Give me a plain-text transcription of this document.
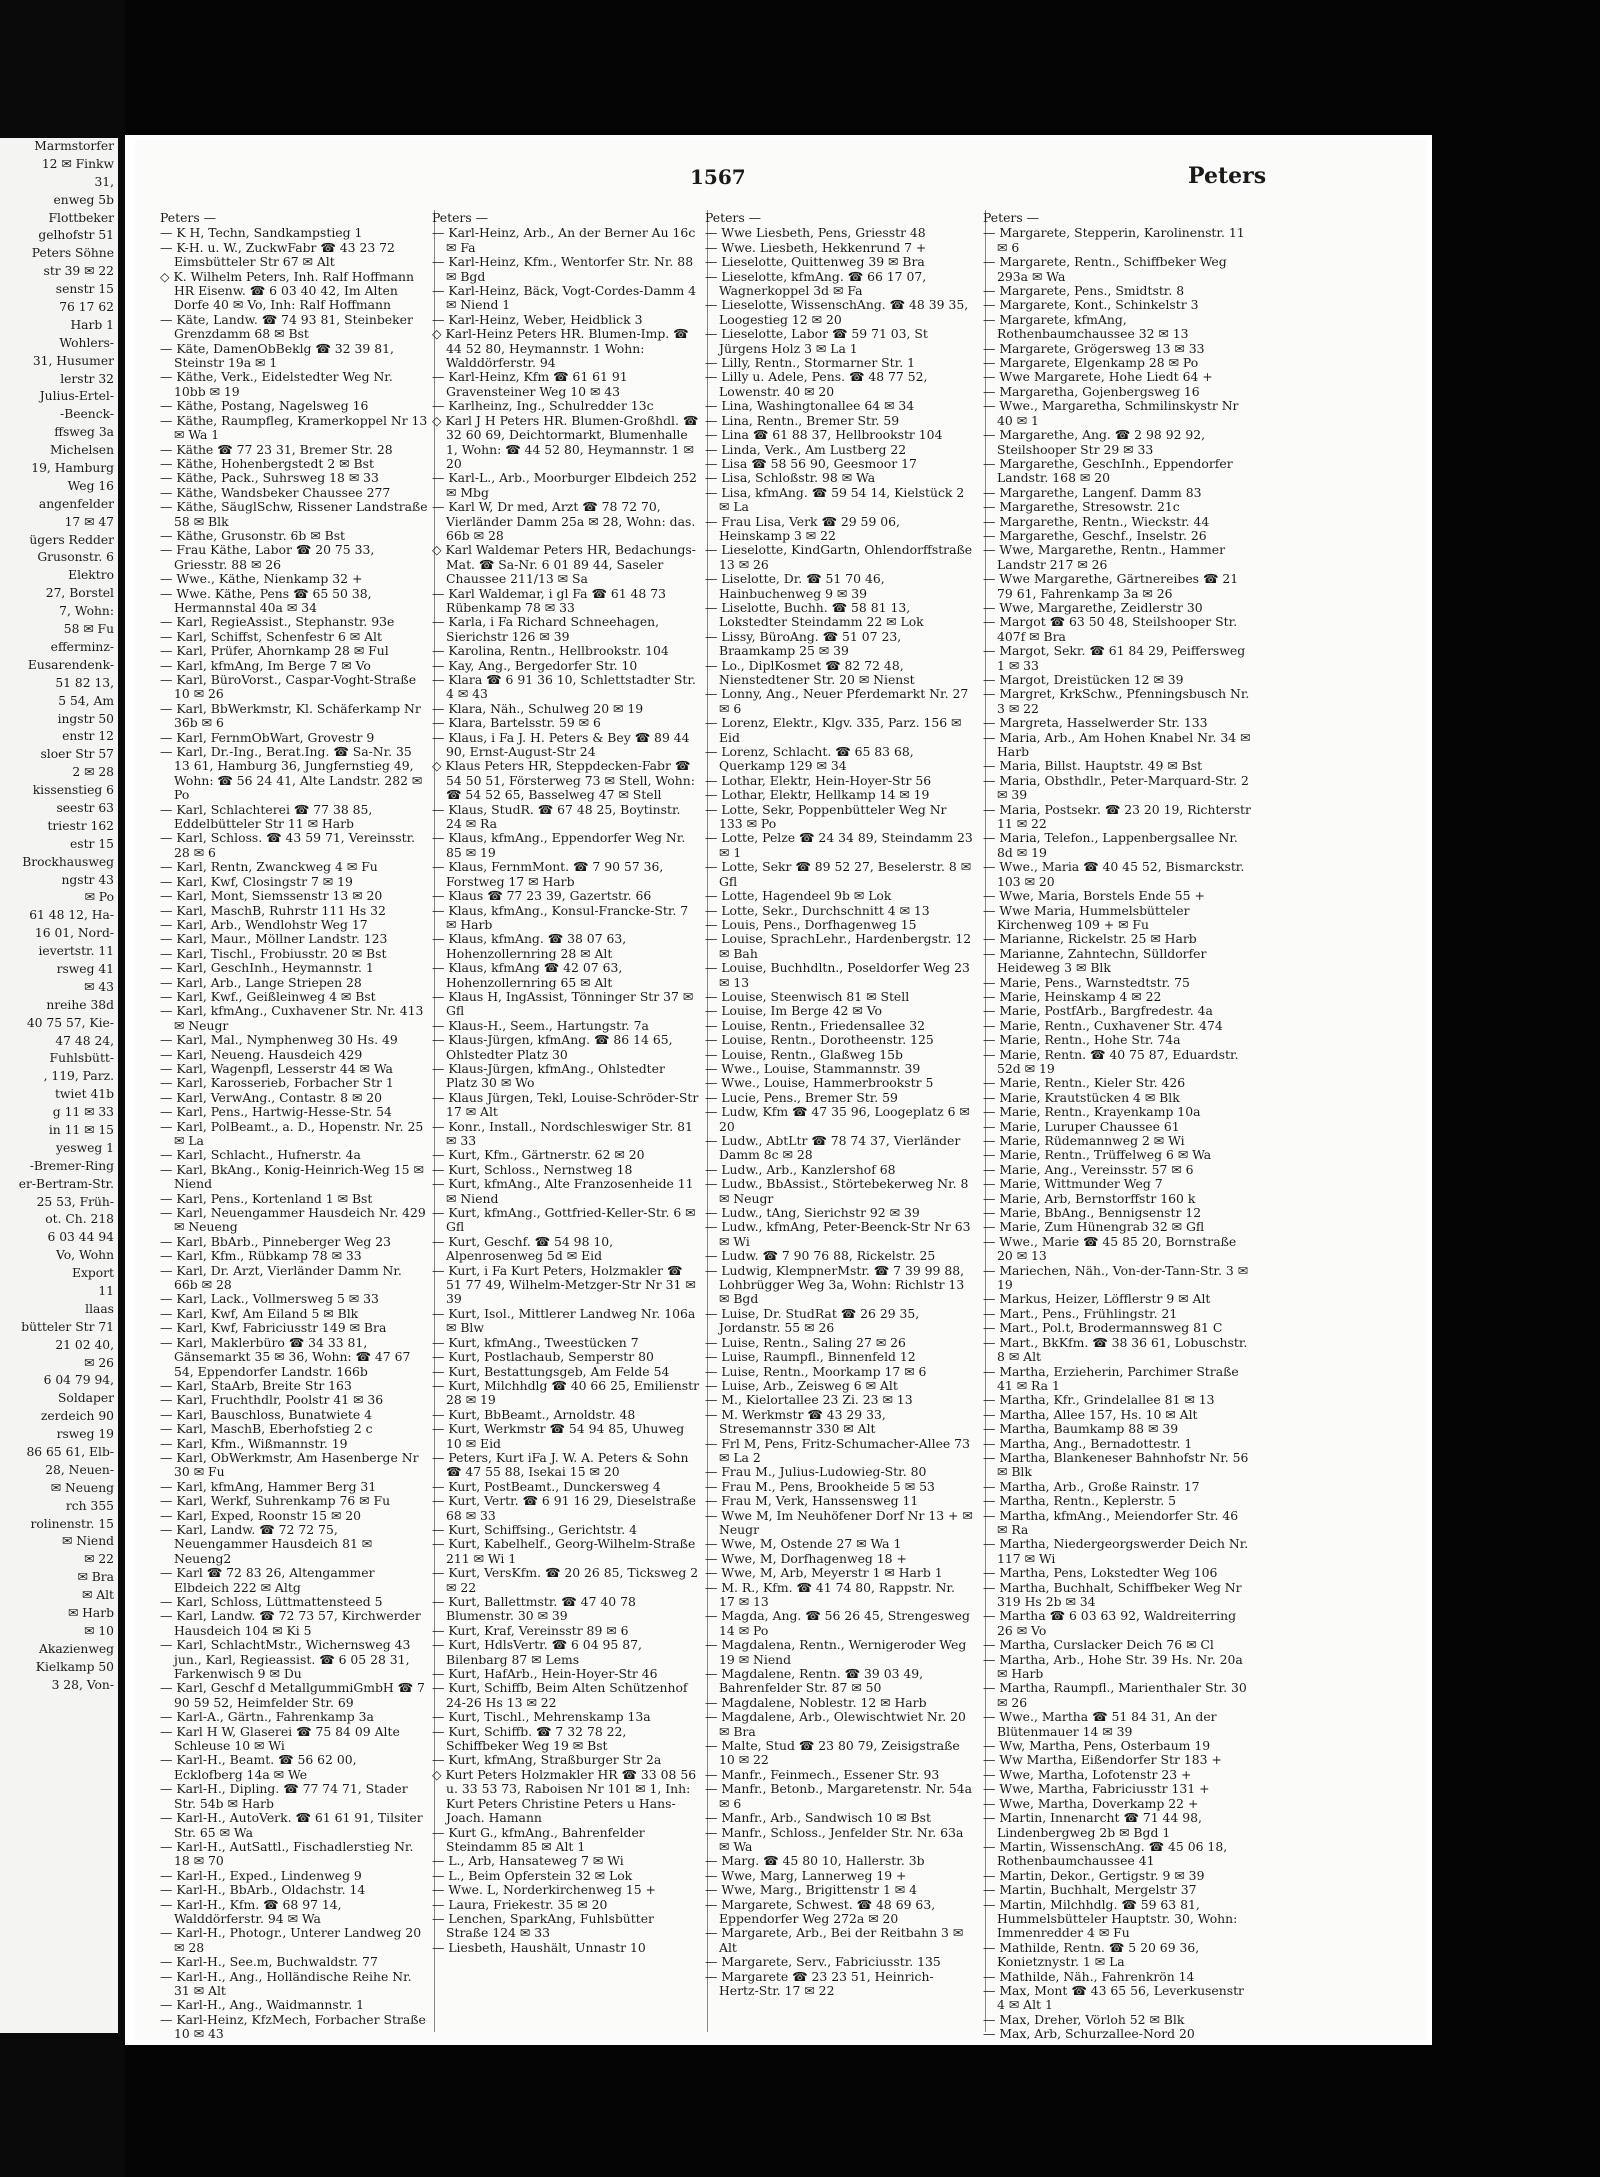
Marmstorfer
12 ✉ Finkw
31,
enweg 5b
Flottbeker
gelhofstr 51
Peters Söhne
str 39 ✉ 22
senstr 15
76 17 62
Harb 1
Wohlers-
31, Husumer
lerstr 32
Julius-Ertel-
-Beenck-
ffsweg 3a
Michelsen
19, Hamburg
Weg 16
angenfelder
17 ✉ 47
ügers Redder
Grusonstr. 6
Elektro
27, Borstel
7, Wohn:
58 ✉ Fu
efferminz-
Eusarendenk-
51 82 13,
5 54, Am
ingstr 50
enstr 12
sloer Str 57
2 ✉ 28
kissenstieg 6
seestr 63
triestr 162
estr 15
Brockhausweg
ngstr 43
✉ Po
61 48 12, Ha-
16 01, Nord-
ievertstr. 11
rsweg 41
✉ 43
nreihe 38d
40 75 57, Kie-
47 48 24,
Fuhlsbütt-
, 119, Parz.
twiet 41b
g 11 ✉ 33
in 11 ✉ 15
yesweg 1
-Bremer-Ring
er-Bertram-Str.
25 53, Früh-
ot. Ch. 218
6 03 44 94
Vo, Wohn
Export
11
llaas
bütteler Str 71
21 02 40,
✉ 26
6 04 79 94,
Soldaper
zerdeich 90
rsweg 19
86 65 61, Elb-
28, Neuen-
✉ Neueng
rch 355
rolinenstr. 15
✉ Niend
✉ 22
✉ Bra
✉ Alt
✉ Harb
✉ 10
Akazienweg
Kielkamp 50
3 28, Von-
1567	Peters
Peters —
— K H, Techn, Sandkampstieg 1
— K-H. u. W., ZuckwFabr ☎ 43 23 72 Eimsbütteler Str 67 ✉ Alt
◇ K. Wilhelm Peters, Inh. Ralf Hoffmann HR Eisenw. ☎ 6 03 40 42, Im Alten Dorfe 40 ✉ Vo, Inh: Ralf Hoffmann
— Käte, Landw. ☎ 74 93 81, Steinbeker Grenzdamm 68 ✉ Bst
— Käte, DamenObBeklg ☎ 32 39 81, Steinstr 19a ✉ 1
— Käthe, Verk., Eidelstedter Weg Nr. 10bb ✉ 19
— Käthe, Postang, Nagelsweg 16
— Käthe, Raumpfleg, Kramerkoppel Nr 13 ✉ Wa 1
— Käthe ☎ 77 23 31, Bremer Str. 28
— Käthe, Hohenbergstedt 2 ✉ Bst
— Käthe, Pack., Suhrsweg 18 ✉ 33
— Käthe, Wandsbeker Chaussee 277
— Käthe, SäuglSchw, Rissener Landstraße 58 ✉ Blk
— Käthe, Grusonstr. 6b ✉ Bst
— Frau Käthe, Labor ☎ 20 75 33, Griesstr. 88 ✉ 26
— Wwe., Käthe, Nienkamp 32 +
— Wwe. Käthe, Pens ☎ 65 50 38, Hermannstal 40a ✉ 34
— Karl, RegieAssist., Stephanstr. 93e
— Karl, Schiffst, Schenfestr 6 ✉ Alt
— Karl, Prüfer, Ahornkamp 28 ✉ Ful
— Karl, kfmAng, Im Berge 7 ✉ Vo
— Karl, BüroVorst., Caspar-Voght-Straße 10 ✉ 26
— Karl, BbWerkmstr, Kl. Schäferkamp Nr 36b ✉ 6
— Karl, FernmObWart, Grovestr 9
— Karl, Dr.-Ing., Berat.Ing. ☎ Sa-Nr. 35 13 61, Hamburg 36, Jungfernstieg 49, Wohn: ☎ 56 24 41, Alte Landstr. 282 ✉ Po
— Karl, Schlachterei ☎ 77 38 85, Eddelbütteler Str 11 ✉ Harb
— Karl, Schloss. ☎ 43 59 71, Vereinsstr. 28 ✉ 6
— Karl, Rentn, Zwanckweg 4 ✉ Fu
— Karl, Kwf, Closingstr 7 ✉ 19
— Karl, Mont, Siemssenstr 13 ✉ 20
— Karl, MaschB, Ruhrstr 111 Hs 32
— Karl, Arb., Wendlohstr Weg 17
— Karl, Maur., Möllner Landstr. 123
— Karl, Tischl., Frobiusstr. 20 ✉ Bst
— Karl, GeschInh., Heymannstr. 1
— Karl, Arb., Lange Striepen 28
— Karl, Kwf., Geißleinweg 4 ✉ Bst
— Karl, kfmAng., Cuxhavener Str. Nr. 413 ✉ Neugr
— Karl, Mal., Nymphenweg 30 Hs. 49
— Karl, Neueng. Hausdeich 429
— Karl, Wagenpfl, Lesserstr 44 ✉ Wa
— Karl, Karosserieb, Forbacher Str 1
— Karl, VerwAng., Contastr. 8 ✉ 20
— Karl, Pens., Hartwig-Hesse-Str. 54
— Karl, PolBeamt., a. D., Hopenstr. Nr. 25 ✉ La
— Karl, Schlacht., Hufnerstr. 4a
— Karl, BkAng., Konig-Heinrich-Weg 15 ✉ Niend
— Karl, Pens., Kortenland 1 ✉ Bst
— Karl, Neuengammer Hausdeich Nr. 429 ✉ Neueng
— Karl, BbArb., Pinneberger Weg 23
— Karl, Kfm., Rübkamp 78 ✉ 33
— Karl, Dr. Arzt, Vierländer Damm Nr. 66b ✉ 28
— Karl, Lack., Vollmersweg 5 ✉ 33
— Karl, Kwf, Am Eiland 5 ✉ Blk
— Karl, Kwf, Fabriciusstr 149 ✉ Bra
— Karl, Maklerbüro ☎ 34 33 81, Gänsemarkt 35 ✉ 36, Wohn: ☎ 47 67 54, Eppendorfer Landstr. 166b
— Karl, StaArb, Breite Str 163
— Karl, Fruchthdlr, Poolstr 41 ✉ 36
— Karl, Bauschloss, Bunatwiete 4
— Karl, MaschB, Eberhofstieg 2 c
— Karl, Kfm., Wißmannstr. 19
— Karl, ObWerkmstr, Am Hasenberge Nr 30 ✉ Fu
— Karl, kfmAng, Hammer Berg 31
— Karl, Werkf, Suhrenkamp 76 ✉ Fu
— Karl, Exped, Roonstr 15 ✉ 20
— Karl, Landw. ☎ 72 72 75, Neuengammer Hausdeich 81 ✉ Neueng2
— Karl ☎ 72 83 26, Altengammer Elbdeich 222 ✉ Altg
— Karl, Schloss, Lüttmattensteed 5
— Karl, Landw. ☎ 72 73 57, Kirchwerder Hausdeich 104 ✉ Ki 5
— Karl, SchlachtMstr., Wichernsweg 43 jun., Karl, Regieassist. ☎ 6 05 28 31, Farkenwisch 9 ✉ Du
— Karl, Geschf d MetallgummiGmbH ☎ 7 90 59 52, Heimfelder Str. 69
— Karl-A., Gärtn., Fahrenkamp 3a
— Karl H W, Glaserei ☎ 75 84 09 Alte Schleuse 10 ✉ Wi
— Karl-H., Beamt. ☎ 56 62 00, Ecklofberg 14a ✉ We
— Karl-H., Dipling. ☎ 77 74 71, Stader Str. 54b ✉ Harb
— Karl-H., AutoVerk. ☎ 61 61 91, Tilsiter Str. 65 ✉ Wa
— Karl-H., AutSattl., Fischadlerstieg Nr. 18 ✉ 70
— Karl-H., Exped., Lindenweg 9
— Karl-H., BbArb., Oldachstr. 14
— Karl-H., Kfm. ☎ 68 97 14, Walddörferstr. 94 ✉ Wa
— Karl-H., Photogr., Unterer Landweg 20 ✉ 28
— Karl-H., See.m, Buchwaldstr. 77
— Karl-H., Ang., Holländische Reihe Nr. 31 ✉ Alt
— Karl-H., Ang., Waidmannstr. 1
— Karl-Heinz, KfzMech, Forbacher Straße 10 ✉ 43
Peters —
— Karl-Heinz, Arb., An der Berner Au 16c ✉ Fa
— Karl-Heinz, Kfm., Wentorfer Str. Nr. 88 ✉ Bgd
— Karl-Heinz, Bäck, Vogt-Cordes-Damm 4 ✉ Niend 1
— Karl-Heinz, Weber, Heidblick 3
◇ Karl-Heinz Peters HR. Blumen-Imp. ☎ 44 52 80, Heymannstr. 1 Wohn: Walddörferstr. 94
— Karl-Heinz, Kfm ☎ 61 61 91 Gravensteiner Weg 10 ✉ 43
— Karlheinz, Ing., Schulredder 13c
◇ Karl J H Peters HR. Blumen-Großhdl. ☎ 32 60 69, Deichtormarkt, Blumenhalle 1, Wohn: ☎ 44 52 80, Heymannstr. 1 ✉ 20
— Karl-L., Arb., Moorburger Elbdeich 252 ✉ Mbg
— Karl W, Dr med, Arzt ☎ 78 72 70, Vierländer Damm 25a ✉ 28, Wohn: das. 66b ✉ 28
◇ Karl Waldemar Peters HR, Bedachungs-Mat. ☎ Sa-Nr. 6 01 89 44, Saseler Chaussee 211/13 ✉ Sa
— Karl Waldemar, i gl Fa ☎ 61 48 73 Rübenkamp 78 ✉ 33
— Karla, i Fa Richard Schneehagen, Sierichstr 126 ✉ 39
— Karolina, Rentn., Hellbrookstr. 104
— Kay, Ang., Bergedorfer Str. 10
— Klara ☎ 6 91 36 10, Schlettstadter Str. 4 ✉ 43
— Klara, Näh., Schulweg 20 ✉ 19
— Klara, Bartelsstr. 59 ✉ 6
— Klaus, i Fa J. H. Peters & Bey ☎ 89 44 90, Ernst-August-Str 24
◇ Klaus Peters HR, Steppdecken-Fabr ☎ 54 50 51, Försterweg 73 ✉ Stell, Wohn: ☎ 54 52 65, Basselweg 47 ✉ Stell
— Klaus, StudR. ☎ 67 48 25, Boytinstr. 24 ✉ Ra
— Klaus, kfmAng., Eppendorfer Weg Nr. 85 ✉ 19
— Klaus, FernmMont. ☎ 7 90 57 36, Forstweg 17 ✉ Harb
— Klaus ☎ 77 23 39, Gazertstr. 66
— Klaus, kfmAng., Konsul-Francke-Str. 7 ✉ Harb
— Klaus, kfmAng. ☎ 38 07 63, Hohenzollernring 28 ✉ Alt
— Klaus, kfmAng ☎ 42 07 63, Hohenzollernring 65 ✉ Alt
— Klaus H, IngAssist, Tönninger Str 37 ✉ Gfl
— Klaus-H., Seem., Hartungstr. 7a
— Klaus-Jürgen, kfmAng. ☎ 86 14 65, Ohlstedter Platz 30
— Klaus-Jürgen, kfmAng., Ohlstedter Platz 30 ✉ Wo
— Klaus Jürgen, Tekl, Louise-Schröder-Str 17 ✉ Alt
— Konr., Install., Nordschleswiger Str. 81 ✉ 33
— Kurt, Kfm., Gärtnerstr. 62 ✉ 20
— Kurt, Schloss., Nernstweg 18
— Kurt, kfmAng., Alte Franzosenheide 11 ✉ Niend
— Kurt, kfmAng., Gottfried-Keller-Str. 6 ✉ Gfl
— Kurt, Geschf. ☎ 54 98 10, Alpenrosenweg 5d ✉ Eid
— Kurt, i Fa Kurt Peters, Holzmakler ☎ 51 77 49, Wilhelm-Metzger-Str Nr 31 ✉ 39
— Kurt, Isol., Mittlerer Landweg Nr. 106a ✉ Blw
— Kurt, kfmAng., Tweestücken 7
— Kurt, Postlachaub, Semperstr 80
— Kurt, Bestattungsgeb, Am Felde 54
— Kurt, Milchhdlg ☎ 40 66 25, Emilienstr 28 ✉ 19
— Kurt, BbBeamt., Arnoldstr. 48
— Kurt, Werkmstr ☎ 54 94 85, Uhuweg 10 ✉ Eid
— Peters, Kurt iFa J. W. A. Peters & Sohn ☎ 47 55 88, Isekai 15 ✉ 20
— Kurt, PostBeamt., Dunckersweg 4
— Kurt, Vertr. ☎ 6 91 16 29, Dieselstraße 68 ✉ 33
— Kurt, Schiffsing., Gerichtstr. 4
— Kurt, Kabelhelf., Georg-Wilhelm-Straße 211 ✉ Wi 1
— Kurt, VersKfm. ☎ 20 26 85, Ticksweg 2 ✉ 22
— Kurt, Ballettmstr. ☎ 47 40 78 Blumenstr. 30 ✉ 39
— Kurt, Kraf, Vereinsstr 89 ✉ 6
— Kurt, HdlsVertr. ☎ 6 04 95 87, Bilenbarg 87 ✉ Lems
— Kurt, HafArb., Hein-Hoyer-Str 46
— Kurt, Schiffb, Beim Alten Schützenhof 24-26 Hs 13 ✉ 22
— Kurt, Tischl., Mehrenskamp 13a
— Kurt, Schiffb. ☎ 7 32 78 22, Schiffbeker Weg 19 ✉ Bst
— Kurt, kfmAng, Straßburger Str 2a
◇ Kurt Peters Holzmakler HR ☎ 33 08 56 u. 33 53 73, Raboisen Nr 101 ✉ 1, Inh: Kurt Peters Christine Peters u Hans-Joach. Hamann
— Kurt G., kfmAng., Bahrenfelder Steindamm 85 ✉ Alt 1
— L., Arb, Hansateweg 7 ✉ Wi
— L., Beim Opferstein 32 ✉ Lok
— Wwe. L, Norderkirchenweg 15 +
— Laura, Friekestr. 35 ✉ 20
— Lenchen, SparkAng, Fuhlsbütter Straße 124 ✉ 33
— Liesbeth, Haushält, Unnastr 10
Peters —
— Wwe Liesbeth, Pens, Griesstr 48
— Wwe. Liesbeth, Hekkenrund 7 +
— Lieselotte, Quittenweg 39 ✉ Bra
— Lieselotte, kfmAng. ☎ 66 17 07, Wagnerkoppel 3d ✉ Fa
— Lieselotte, WissenschAng. ☎ 48 39 35, Loogestieg 12 ✉ 20
— Lieselotte, Labor ☎ 59 71 03, St Jürgens Holz 3 ✉ La 1
— Lilly, Rentn., Stormarner Str. 1
— Lilly u. Adele, Pens. ☎ 48 77 52, Lowenstr. 40 ✉ 20
— Lina, Washingtonallee 64 ✉ 34
— Lina, Rentn., Bremer Str. 59
— Lina ☎ 61 88 37, Hellbrookstr 104
— Linda, Verk., Am Lustberg 22
— Lisa ☎ 58 56 90, Geesmoor 17
— Lisa, Schloßstr. 98 ✉ Wa
— Lisa, kfmAng. ☎ 59 54 14, Kielstück 2 ✉ La
— Frau Lisa, Verk ☎ 29 59 06, Heinskamp 3 ✉ 22
— Lieselotte, KindGartn, Ohlendorffstraße 13 ✉ 26
— Liselotte, Dr. ☎ 51 70 46, Hainbuchenweg 9 ✉ 39
— Liselotte, Buchh. ☎ 58 81 13, Lokstedter Steindamm 22 ✉ Lok
— Lissy, BüroAng. ☎ 51 07 23, Braamkamp 25 ✉ 39
— Lo., DiplKosmet ☎ 82 72 48, Nienstedtener Str. 20 ✉ Nienst
— Lonny, Ang., Neuer Pferdemarkt Nr. 27 ✉ 6
— Lorenz, Elektr., Klgv. 335, Parz. 156 ✉ Eid
— Lorenz, Schlacht. ☎ 65 83 68, Querkamp 129 ✉ 34
— Lothar, Elektr, Hein-Hoyer-Str 56
— Lothar, Elektr, Hellkamp 14 ✉ 19
— Lotte, Sekr, Poppenbütteler Weg Nr 133 ✉ Po
— Lotte, Pelze ☎ 24 34 89, Steindamm 23 ✉ 1
— Lotte, Sekr ☎ 89 52 27, Beselerstr. 8 ✉ Gfl
— Lotte, Hagendeel 9b ✉ Lok
— Lotte, Sekr., Durchschnitt 4 ✉ 13
— Louis, Pens., Dorfhagenweg 15
— Louise, SprachLehr., Hardenbergstr. 12 ✉ Bah
— Louise, Buchhdltn., Poseldorfer Weg 23 ✉ 13
— Louise, Steenwisch 81 ✉ Stell
— Louise, Im Berge 42 ✉ Vo
— Louise, Rentn., Friedensallee 32
— Louise, Rentn., Dorotheenstr. 125
— Louise, Rentn., Glaßweg 15b
— Wwe., Louise, Stammannstr. 39
— Wwe., Louise, Hammerbrookstr 5
— Lucie, Pens., Bremer Str. 59
— Ludw, Kfm ☎ 47 35 96, Loogeplatz 6 ✉ 20
— Ludw., AbtLtr ☎ 78 74 37, Vierländer Damm 8c ✉ 28
— Ludw., Arb., Kanzlershof 68
— Ludw., BbAssist., Störtebekerweg Nr. 8 ✉ Neugr
— Ludw., tAng, Sierichstr 92 ✉ 39
— Ludw., kfmAng, Peter-Beenck-Str Nr 63 ✉ Wi
— Ludw. ☎ 7 90 76 88, Rickelstr. 25
— Ludwig, KlempnerMstr. ☎ 7 39 99 88, Lohbrügger Weg 3a, Wohn: Richlstr 13 ✉ Bgd
— Luise, Dr. StudRat ☎ 26 29 35, Jordanstr. 55 ✉ 26
— Luise, Rentn., Saling 27 ✉ 26
— Luise, Raumpfl., Binnenfeld 12
— Luise, Rentn., Moorkamp 17 ✉ 6
— Luise, Arb., Zeisweg 6 ✉ Alt
— M., Kielortallee 23 Zi. 23 ✉ 13
— M. Werkmstr ☎ 43 29 33, Stresemannstr 330 ✉ Alt
— Frl M, Pens, Fritz-Schumacher-Allee 73 ✉ La 2
— Frau M., Julius-Ludowieg-Str. 80
— Frau M., Pens, Brookheide 5 ✉ 53
— Frau M, Verk, Hanssensweg 11
— Wwe M, Im Neuhöfener Dorf Nr 13 + ✉ Neugr
— Wwe, M, Ostende 27 ✉ Wa 1
— Wwe, M, Dorfhagenweg 18 +
— Wwe, M, Arb, Meyerstr 1 ✉ Harb 1
— M. R., Kfm. ☎ 41 74 80, Rappstr. Nr. 17 ✉ 13
— Magda, Ang. ☎ 56 26 45, Strengesweg 14 ✉ Po
— Magdalena, Rentn., Wernigeroder Weg 19 ✉ Niend
— Magdalene, Rentn. ☎ 39 03 49, Bahrenfelder Str. 87 ✉ 50
— Magdalene, Noblestr. 12 ✉ Harb
— Magdalene, Arb., Olewischtwiet Nr. 20 ✉ Bra
— Malte, Stud ☎ 23 80 79, Zeisigstraße 10 ✉ 22
— Manfr., Feinmech., Essener Str. 93
— Manfr., Betonb., Margaretenstr. Nr. 54a ✉ 6
— Manfr., Arb., Sandwisch 10 ✉ Bst
— Manfr., Schloss., Jenfelder Str. Nr. 63a ✉ Wa
— Marg. ☎ 45 80 10, Hallerstr. 3b
— Wwe, Marg, Lannerweg 19 +
— Wwe, Marg., Brigittenstr 1 ✉ 4
— Margarete, Schwest. ☎ 48 69 63, Eppendorfer Weg 272a ✉ 20
— Margarete, Arb., Bei der Reitbahn 3 ✉ Alt
— Margarete, Serv., Fabriciusstr. 135
— Margarete ☎ 23 23 51, Heinrich-Hertz-Str. 17 ✉ 22
Peters —
— Margarete, Stepperin, Karolinenstr. 11 ✉ 6
— Margarete, Rentn., Schiffbeker Weg 293a ✉ Wa
— Margarete, Pens., Smidtstr. 8
— Margarete, Kont., Schinkelstr 3
— Margarete, kfmAng, Rothenbaumchaussee 32 ✉ 13
— Margarete, Grögersweg 13 ✉ 33
— Margarete, Elgenkamp 28 ✉ Po
— Wwe Margarete, Hohe Liedt 64 +
— Margaretha, Gojenbergsweg 16
— Wwe., Margaretha, Schmilinskystr Nr 40 ✉ 1
— Margarethe, Ang. ☎ 2 98 92 92, Steilshooper Str 29 ✉ 33
— Margarethe, GeschInh., Eppendorfer Landstr. 168 ✉ 20
— Margarethe, Langenf. Damm 83
— Margarethe, Stresowstr. 21c
— Margarethe, Rentn., Wieckstr. 44
— Margarethe, Geschf., Inselstr. 26
— Wwe, Margarethe, Rentn., Hammer Landstr 217 ✉ 26
— Wwe Margarethe, Gärtnereibes ☎ 21 79 61, Fahrenkamp 3a ✉ 26
— Wwe, Margarethe, Zeidlerstr 30
— Margot ☎ 63 50 48, Steilshooper Str. 407f ✉ Bra
— Margot, Sekr. ☎ 61 84 29, Peiffersweg 1 ✉ 33
— Margot, Dreistücken 12 ✉ 39
— Margret, KrkSchw., Pfenningsbusch Nr. 3 ✉ 22
— Margreta, Hasselwerder Str. 133
— Maria, Arb., Am Hohen Knabel Nr. 34 ✉ Harb
— Maria, Billst. Hauptstr. 49 ✉ Bst
— Maria, Obsthdlr., Peter-Marquard-Str. 2 ✉ 39
— Maria, Postsekr. ☎ 23 20 19, Richterstr 11 ✉ 22
— Maria, Telefon., Lappenbergsallee Nr. 8d ✉ 19
— Wwe., Maria ☎ 40 45 52, Bismarckstr. 103 ✉ 20
— Wwe, Maria, Borstels Ende 55 +
— Wwe Maria, Hummelsbütteler Kirchenweg 109 + ✉ Fu
— Marianne, Rickelstr. 25 ✉ Harb
— Marianne, Zahntechn, Sülldorfer Heideweg 3 ✉ Blk
— Marie, Pens., Warnstedtstr. 75
— Marie, Heinskamp 4 ✉ 22
— Marie, PostfArb., Bargfredestr. 4a
— Marie, Rentn., Cuxhavener Str. 474
— Marie, Rentn., Hohe Str. 74a
— Marie, Rentn. ☎ 40 75 87, Eduardstr. 52d ✉ 19
— Marie, Rentn., Kieler Str. 426
— Marie, Krautstücken 4 ✉ Blk
— Marie, Rentn., Krayenkamp 10a
— Marie, Luruper Chaussee 61
— Marie, Rüdemannweg 2 ✉ Wi
— Marie, Rentn., Trüffelweg 6 ✉ Wa
— Marie, Ang., Vereinsstr. 57 ✉ 6
— Marie, Wittmunder Weg 7
— Marie, Arb, Bernstorffstr 160 k
— Marie, BbAng., Bennigsenstr 12
— Marie, Zum Hünengrab 32 ✉ Gfl
— Wwe., Marie ☎ 45 85 20, Bornstraße 20 ✉ 13
— Mariechen, Näh., Von-der-Tann-Str. 3 ✉ 19
— Markus, Heizer, Löfflerstr 9 ✉ Alt
— Mart., Pens., Frühlingstr. 21
— Mart., Pol.t, Brodermannsweg 81 C
— Mart., BkKfm. ☎ 38 36 61, Lobuschstr. 8 ✉ Alt
— Martha, Erzieherin, Parchimer Straße 41 ✉ Ra 1
— Martha, Kfr., Grindelallee 81 ✉ 13
— Martha, Allee 157, Hs. 10 ✉ Alt
— Martha, Baumkamp 88 ✉ 39
— Martha, Ang., Bernadottestr. 1
— Martha, Blankeneser Bahnhofstr Nr. 56 ✉ Blk
— Martha, Arb., Große Rainstr. 17
— Martha, Rentn., Keplerstr. 5
— Martha, kfmAng., Meiendorfer Str. 46 ✉ Ra
— Martha, Niedergeorgswerder Deich Nr. 117 ✉ Wi
— Martha, Pens, Lokstedter Weg 106
— Martha, Buchhalt, Schiffbeker Weg Nr 319 Hs 2b ✉ 34
— Martha ☎ 6 03 63 92, Waldreiterring 26 ✉ Vo
— Martha, Curslacker Deich 76 ✉ Cl
— Martha, Arb., Hohe Str. 39 Hs. Nr. 20a ✉ Harb
— Martha, Raumpfl., Marienthaler Str. 30 ✉ 26
— Wwe., Martha ☎ 51 84 31, An der Blütenmauer 14 ✉ 39
— Ww, Martha, Pens, Osterbaum 19
— Ww Martha, Eißendorfer Str 183 +
— Wwe, Martha, Lofotenstr 23 +
— Wwe, Martha, Fabriciusstr 131 +
— Wwe, Martha, Doverkamp 22 +
— Martin, Innenarcht ☎ 71 44 98, Lindenbergweg 2b ✉ Bgd 1
— Martin, WissenschAng. ☎ 45 06 18, Rothenbaumchaussee 41
— Martin, Dekor., Gertigstr. 9 ✉ 39
— Martin, Buchhalt, Mergelstr 37
— Martin, Milchhdlg. ☎ 59 63 81, Hummelsbütteler Hauptstr. 30, Wohn: Immenredder 4 ✉ Fu
— Mathilde, Rentn. ☎ 5 20 69 36, Konietznystr. 1 ✉ La
— Mathilde, Näh., Fahrenkrön 14
— Max, Mont ☎ 43 65 56, Leverkusenstr 4 ✉ Alt 1
— Max, Dreher, Vörloh 52 ✉ Blk
— Max, Arb, Schurzallee-Nord 20
